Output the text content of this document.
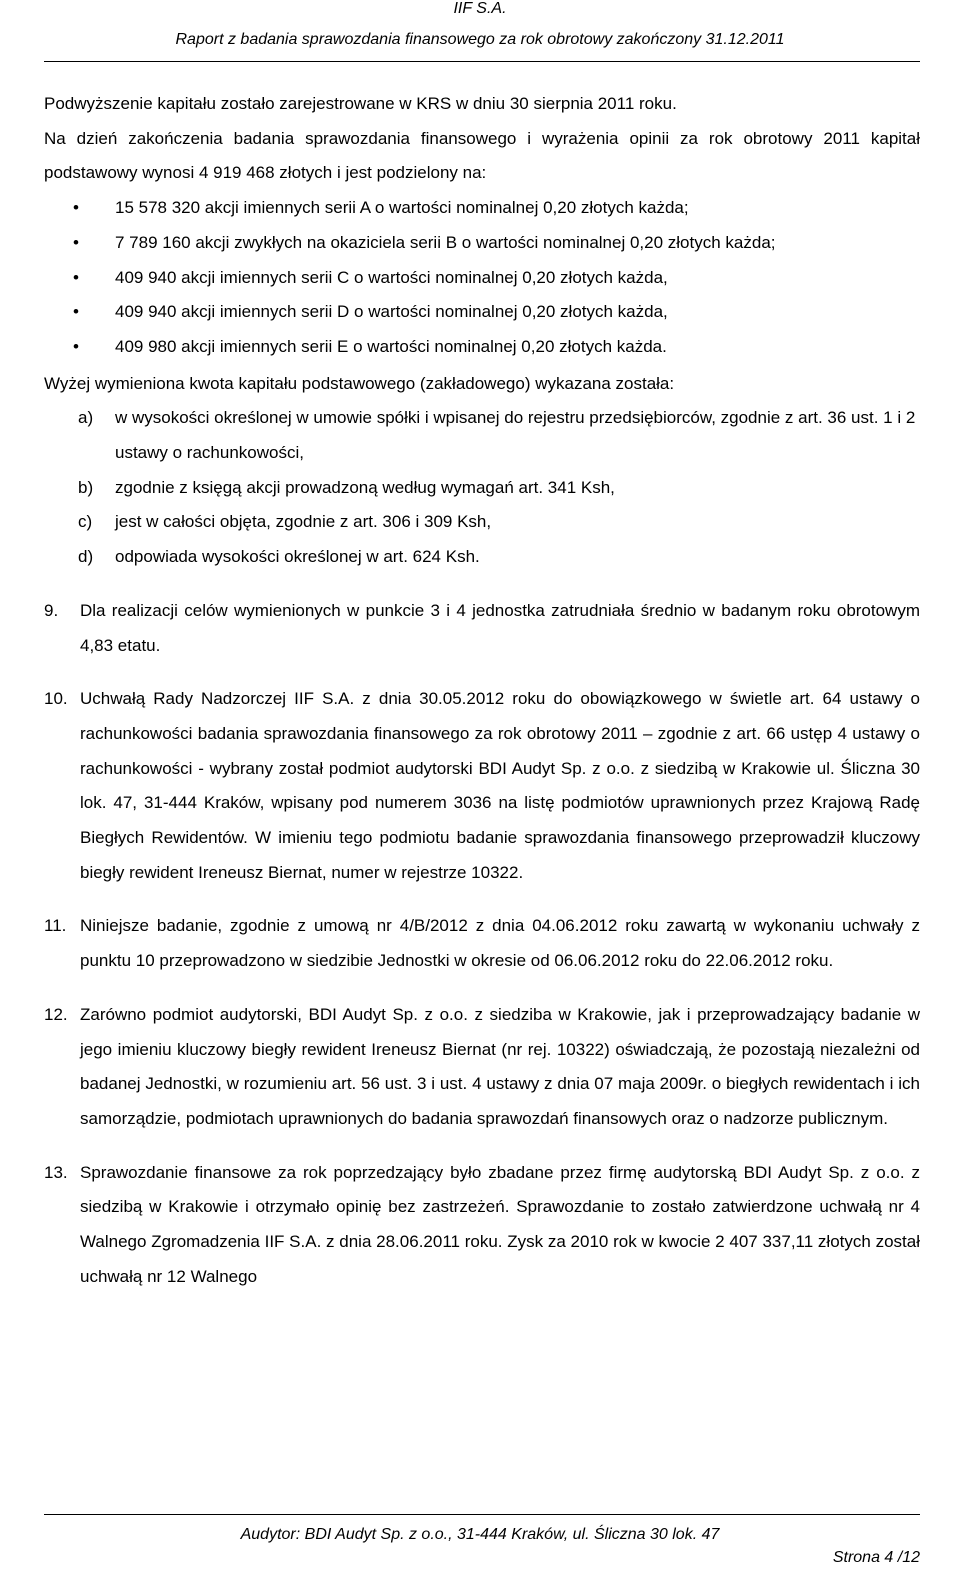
IIF S.A.
Raport z badania sprawozdania finansowego za rok obrotowy zakończony 31.12.2011

Podwyższenie kapitału zostało zarejestrowane w KRS w dniu 30 sierpnia 2011 roku.

Na dzień zakończenia badania sprawozdania finansowego i wyrażenia opinii za rok obrotowy 2011 kapitał podstawowy wynosi 4 919 468 złotych i jest podzielony na:

• 15 578 320 akcji imiennych serii A o wartości nominalnej 0,20 złotych każda;
• 7 789 160 akcji zwykłych na okaziciela serii B o wartości nominalnej 0,20 złotych każda;
• 409 940 akcji imiennych serii C o wartości nominalnej 0,20 złotych każda,
• 409 940 akcji imiennych serii D o wartości nominalnej 0,20 złotych każda,
• 409 980 akcji imiennych serii E o wartości nominalnej 0,20 złotych każda.

Wyżej wymieniona kwota kapitału podstawowego (zakładowego) wykazana została:

a) w wysokości określonej w umowie spółki i wpisanej do rejestru przedsiębiorców, zgodnie z art. 36 ust. 1 i 2 ustawy o rachunkowości,
b) zgodnie z księgą akcji prowadzoną według wymagań art. 341 Ksh,
c) jest w całości objęta, zgodnie z art. 306 i 309 Ksh,
d) odpowiada wysokości określonej w art. 624 Ksh.
9. Dla realizacji celów wymienionych w punkcie 3 i 4 jednostka zatrudniała średnio w badanym roku obrotowym 4,83 etatu.
10. Uchwałą Rady Nadzorczej IIF S.A. z dnia 30.05.2012 roku do obowiązkowego w świetle art. 64 ustawy o rachunkowości badania sprawozdania finansowego za rok obrotowy 2011 – zgodnie z art. 66 ustęp 4 ustawy o rachunkowości - wybrany został podmiot audytorski BDI Audyt Sp. z o.o. z siedzibą w Krakowie ul. Śliczna 30 lok. 47, 31-444 Kraków, wpisany pod numerem 3036 na listę podmiotów uprawnionych przez Krajową Radę Biegłych Rewidentów. W imieniu tego podmiotu badanie sprawozdania finansowego przeprowadził kluczowy biegły rewident Ireneusz Biernat, numer w rejestrze 10322.
11. Niniejsze badanie, zgodnie z umową nr 4/B/2012 z dnia 04.06.2012 roku zawartą w wykonaniu uchwały z punktu 10 przeprowadzono w siedzibie Jednostki w okresie od 06.06.2012 roku do 22.06.2012 roku.
12. Zarówno podmiot audytorski, BDI Audyt Sp. z o.o. z siedziba w Krakowie, jak i przeprowadzający badanie w jego imieniu kluczowy biegły rewident Ireneusz Biernat (nr rej. 10322) oświadczają, że pozostają niezależni od badanej Jednostki, w rozumieniu art. 56 ust. 3 i ust. 4 ustawy z dnia 07 maja 2009r. o biegłych rewidentach i ich samorządzie, podmiotach uprawnionych do badania sprawozdań finansowych oraz o nadzorze publicznym.
13. Sprawozdanie finansowe za rok poprzedzający było zbadane przez firmę audytorską BDI Audyt Sp. z o.o. z siedzibą w Krakowie i otrzymało opinię bez zastrzeżeń. Sprawozdanie to zostało zatwierdzone uchwałą nr 4 Walnego Zgromadzenia IIF S.A. z dnia 28.06.2011 roku. Zysk za 2010 rok w kwocie 2 407 337,11 złotych został uchwałą nr 12 Walnego
Audytor: BDI Audyt Sp. z o.o., 31-444 Kraków, ul. Śliczna 30 lok. 47
Strona 4 /12
